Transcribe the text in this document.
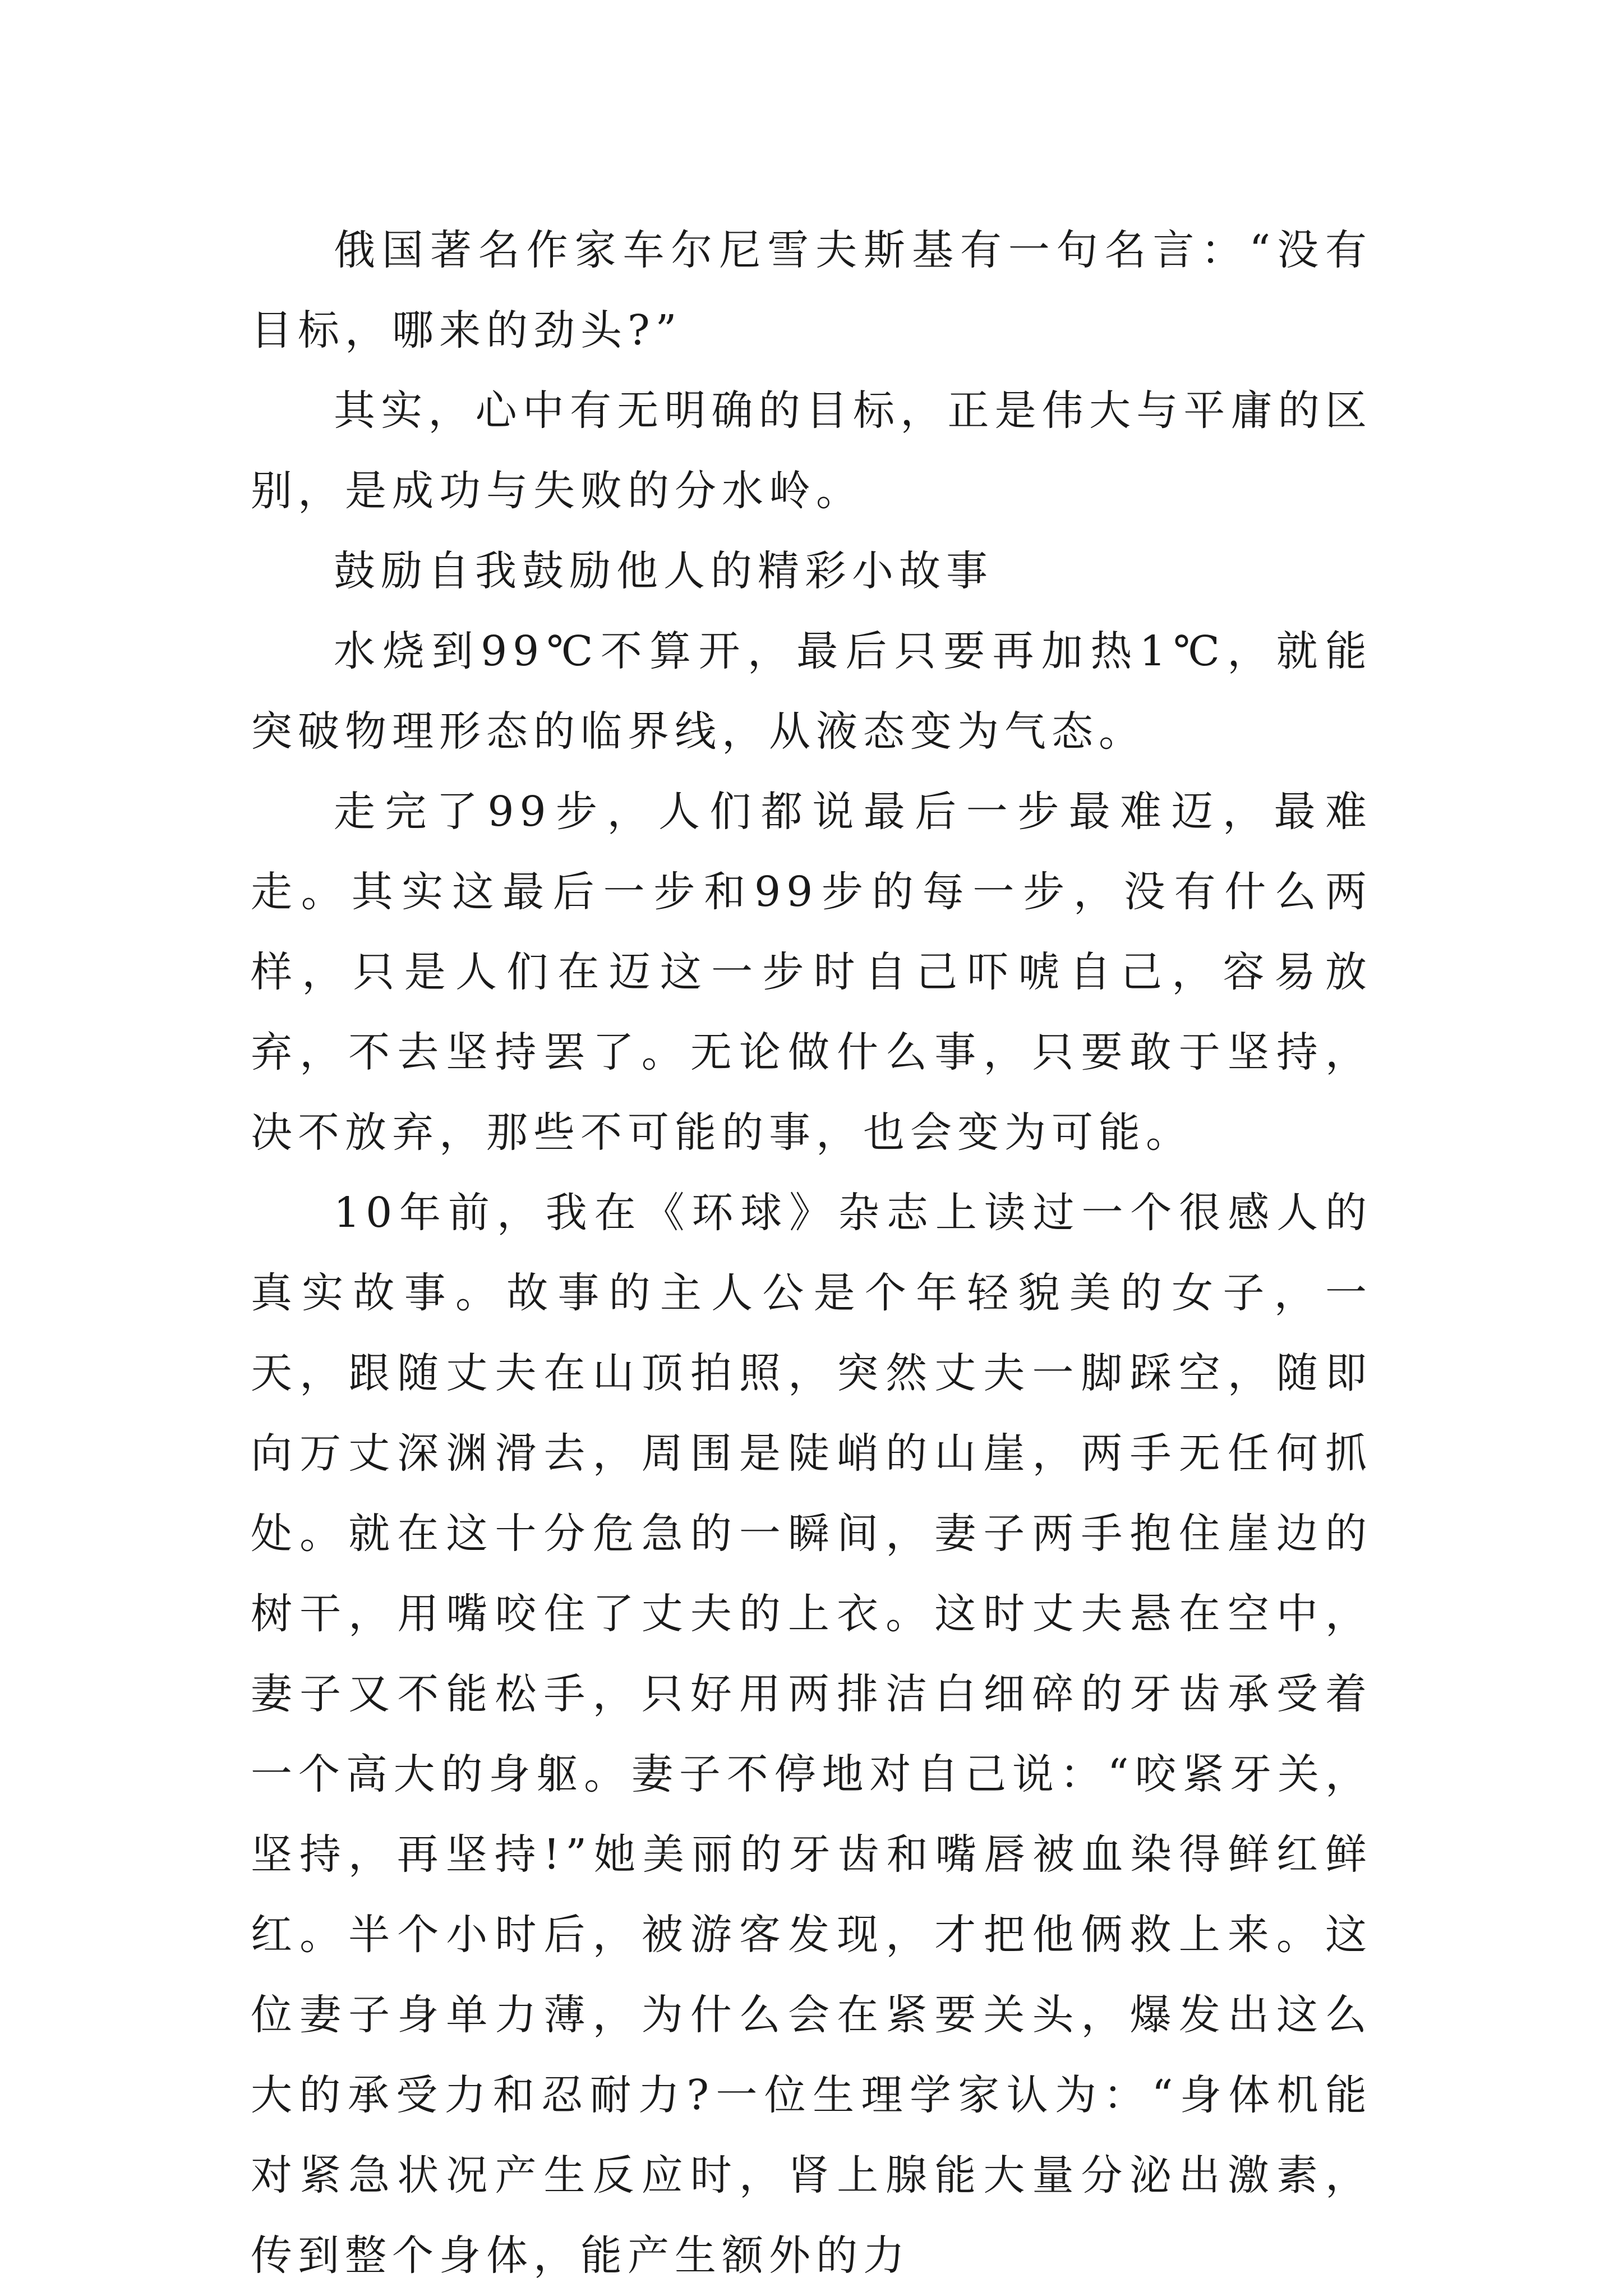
俄国著名作家车尔尼雪夫斯基有一句名言：“没有目标，哪来的劲头?”

其实，心中有无明确的目标，正是伟大与平庸的区别，是成功与失败的分水岭。

鼓励自我鼓励他人的精彩小故事

水烧到99℃不算开，最后只要再加热1℃，就能突破物理形态的临界线，从液态变为气态。

走完了99步，人们都说最后一步最难迈，最难走。其实这最后一步和99步的每一步，没有什么两样，只是人们在迈这一步时自己吓唬自己，容易放弃，不去坚持罢了。无论做什么事，只要敢于坚持，决不放弃，那些不可能的事，也会变为可能。

10年前，我在《环球》杂志上读过一个很感人的真实故事。故事的主人公是个年轻貌美的女子，一天，跟随丈夫在山顶拍照，突然丈夫一脚踩空，随即向万丈深渊滑去，周围是陡峭的山崖，两手无任何抓处。就在这十分危急的一瞬间，妻子两手抱住崖边的树干，用嘴咬住了丈夫的上衣。这时丈夫悬在空中，妻子又不能松手，只好用两排洁白细碎的牙齿承受着一个高大的身躯。妻子不停地对自己说：“咬紧牙关，坚持，再坚持!”她美丽的牙齿和嘴唇被血染得鲜红鲜红。半个小时后，被游客发现，才把他俩救上来。这位妻子身单力薄，为什么会在紧要关头，爆发出这么大的承受力和忍耐力?一位生理学家认为：“身体机能对紧急状况产生反应时，肾上腺能大量分泌出激素，传到整个身体，能产生额外的力
